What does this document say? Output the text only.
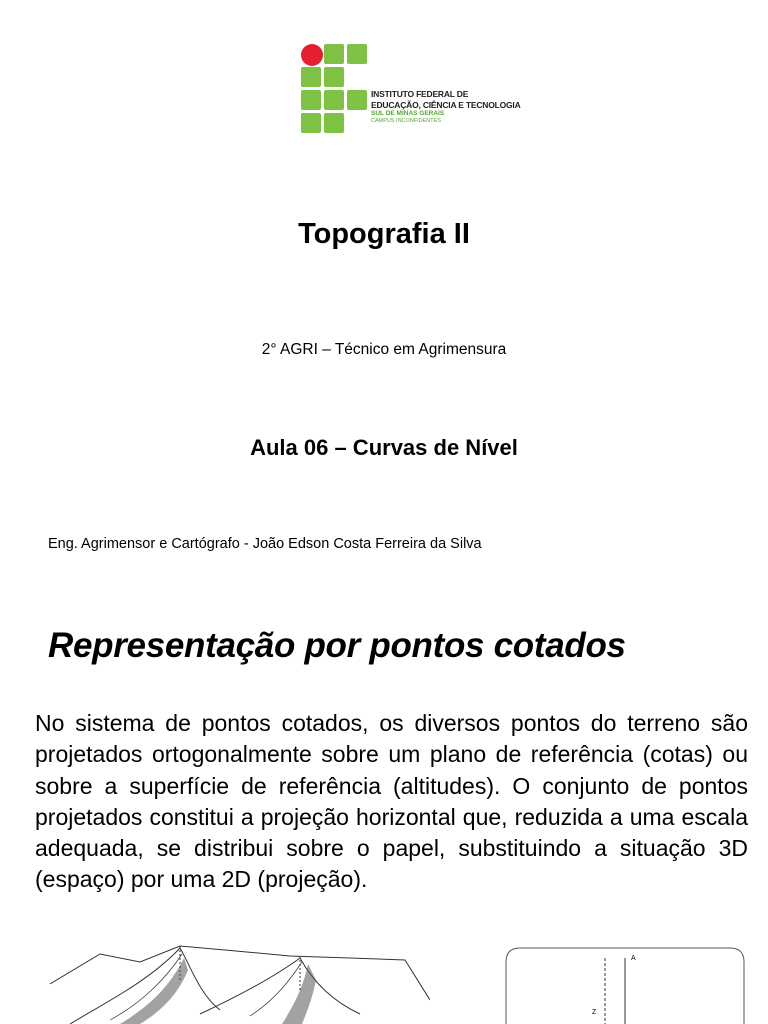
INSTITUTO FEDERAL DE
EDUCAÇÃO, CIÊNCIA E TECNOLOGIA
SUL DE MINAS GERAIS
CAMPUS INCONFIDENTES
Topografia II
2° AGRI – Técnico em Agrimensura
Aula 06 – Curvas de Nível
Eng. Agrimensor e Cartógrafo - João Edson Costa Ferreira da Silva
Representação por pontos cotados
No sistema de pontos cotados, os diversos pontos do terreno são projetados ortogonalmente sobre um plano de referência (cotas) ou sobre a superfície de referência (altitudes). O conjunto de pontos projetados constitui a projeção horizontal que, reduzida a uma escala adequada, se distribui sobre o papel, substituindo a situação 3D (espaço) por uma 2D (projeção).
A
Z
